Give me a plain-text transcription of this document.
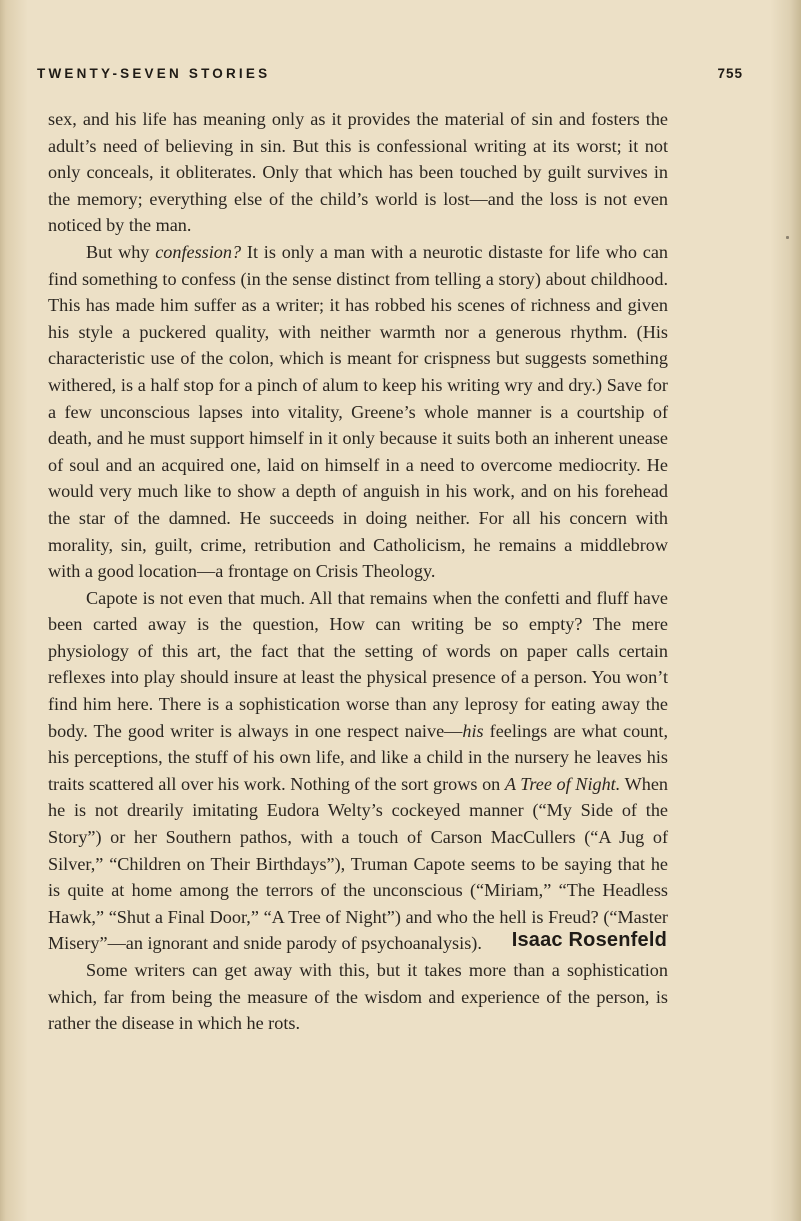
TWENTY-SEVEN STORIES	755

sex, and his life has meaning only as it provides the material of sin and fosters the adult’s need of believing in sin. But this is confessional writing at its worst; it not only conceals, it obliterates. Only that which has been touched by guilt survives in the memory; everything else of the child’s world is lost—and the loss is not even noticed by the man.

But why confession? It is only a man with a neurotic distaste for life who can find something to confess (in the sense distinct from telling a story) about childhood. This has made him suffer as a writer; it has robbed his scenes of richness and given his style a puckered quality, with neither warmth nor a generous rhythm. (His characteristic use of the colon, which is meant for crispness but suggests something withered, is a half stop for a pinch of alum to keep his writing wry and dry.) Save for a few unconscious lapses into vitality, Greene’s whole manner is a courtship of death, and he must support himself in it only because it suits both an inherent unease of soul and an acquired one, laid on himself in a need to overcome mediocrity. He would very much like to show a depth of anguish in his work, and on his forehead the star of the damned. He succeeds in doing neither. For all his concern with morality, sin, guilt, crime, retribution and Catholicism, he remains a middlebrow with a good location—a frontage on Crisis Theology.

Capote is not even that much. All that remains when the confetti and fluff have been carted away is the question, How can writing be so empty? The mere physiology of this art, the fact that the setting of words on paper calls certain reflexes into play should insure at least the physical presence of a person. You won’t find him here. There is a sophistication worse than any leprosy for eating away the body. The good writer is always in one respect naive—his feelings are what count, his perceptions, the stuff of his own life, and like a child in the nursery he leaves his traits scattered all over his work. Nothing of the sort grows on A Tree of Night. When he is not drearily imitating Eudora Welty’s cockeyed manner (“My Side of the Story”) or her Southern pathos, with a touch of Carson MacCullers (“A Jug of Silver,” “Children on Their Birthdays”), Truman Capote seems to be saying that he is quite at home among the terrors of the unconscious (“Miriam,” “The Headless Hawk,” “Shut a Final Door,” “A Tree of Night”) and who the hell is Freud? (“Master Misery”—an ignorant and snide parody of psychoanalysis).

Some writers can get away with this, but it takes more than a sophistication which, far from being the measure of the wisdom and experience of the person, is rather the disease in which he rots.

Isaac Rosenfeld
